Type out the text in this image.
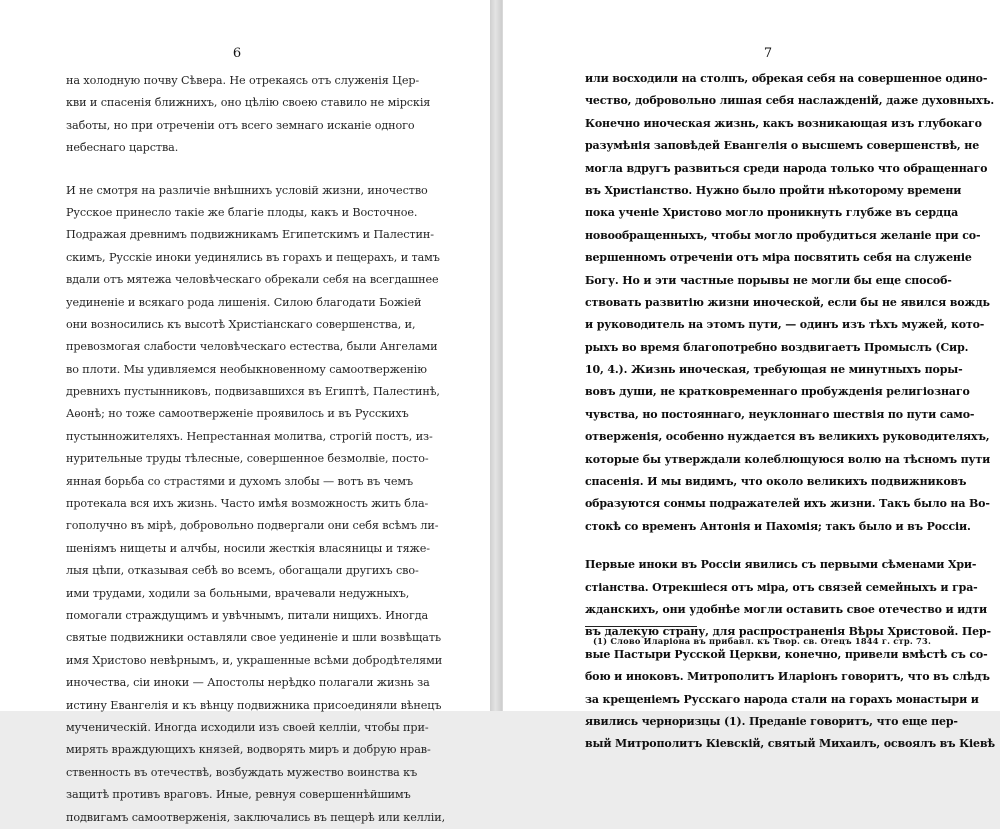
6
на холодную почву Сѣвера. Не отрекаясь отъ служенія Цер-
кви и спасенія ближнихъ, оно цѣлію своею ставило не мірскія
заботы, но при отреченіи отъ всего земнаго исканіе одного
небеснаго царства.
И не смотря на различіе внѣшнихъ условій жизни, иночество
Русское принесло такіе же благіе плоды, какъ и Восточное.
Подражая древнимъ подвижникамъ Египетскимъ и Палестин-
скимъ, Русскіе иноки уединялись въ горахъ и пещерахъ, и тамъ
вдали отъ мятежа человѣческаго обрекали себя на всегдашнее
уединеніе и всякаго рода лишенія. Силою благодати Божіей
они возносились къ высотѣ Христіанскаго совершенства, и,
превозмогая слабости человѣческаго естества, были Ангелами
во плоти. Мы удивляемся необыкновенному самоотверженію
древнихъ пустынниковъ, подвизавшихся въ Египтѣ, Палестинѣ,
Аѳонѣ; но тоже самоотверженіе проявилось и въ Русскихъ
пустынножителяхъ. Непрестанная молитва, строгій постъ, из-
нурительные труды тѣлесные, совершенное безмолвіе, посто-
янная борьба со страстями и духомъ злобы — вотъ въ чемъ
протекала вся ихъ жизнь. Часто имѣя возможность жить бла-
гополучно въ мірѣ, добровольно подвергали они себя всѣмъ ли-
шеніямъ нищеты и алчбы, носили жесткія власяницы и тяже-
лыя цѣпи, отказывая себѣ во всемъ, обогащали другихъ сво-
ими трудами, ходили за больными, врачевали недужныхъ,
помогали страждущимъ и увѣчнымъ, питали нищихъ. Иногда
святые подвижники оставляли свое уединеніе и шли возвѣщать
имя Христово невѣрнымъ, и, украшенные всѣми добродѣтелями
иночества, сіи иноки — Апостолы нерѣдко полагали жизнь за
истину Евангелія и къ вѣнцу подвижника присоединяли вѣнецъ
мученическій. Иногда исходили изъ своей келліи, чтобы при-
мирять враждующихъ князей, водворять миръ и добрую нрав-
ственность въ отечествѣ, возбуждать мужество воинства къ
защитѣ противъ враговъ. Иные, ревнуя совершеннѣйшимъ
подвигамъ самоотверженія, заключались въ пещерѣ или келліи,
7
или восходили на столпъ, обрекая себя на совершенное одино-
чество, добровольно лишая себя наслажденій, даже духовныхъ.
Конечно иноческая жизнь, какъ возникающая изъ глубокаго
разумѣнія заповѣдей Евангелія о высшемъ совершенствѣ, не
могла вдругъ развиться среди народа только что обращеннаго
въ Христіанство. Нужно было пройти нѣкоторому времени
пока ученіе Христово могло проникнуть глубже въ сердца
новообращенныхъ, чтобы могло пробудиться желаніе при со-
вершенномъ отреченіи отъ міра посвятить себя на служеніе
Богу. Но и эти частные порывы не могли бы еще способ-
ствовать развитію жизни иноческой, если бы не явился вождь
и руководитель на этомъ пути, — одинъ изъ тѣхъ мужей, кото-
рыхъ во время благопотребно воздвигаетъ Промыслъ (Сир.
10, 4.). Жизнь иноческая, требующая не минутныхъ поры-
вовъ души, не кратковременнаго пробужденія религіознаго
чувства, но постояннаго, неуклоннаго шествія по пути само-
отверженія, особенно нуждается въ великихъ руководителяхъ,
которые бы утверждали колеблющуюся волю на тѣсномъ пути
спасенія. И мы видимъ, что около великихъ подвижниковъ
образуются сонмы подражателей ихъ жизни. Такъ было на Во-
стокѣ со временъ Антонія и Пахомія; такъ было и въ Россіи.
Первые иноки въ Россіи явились съ первыми сѣменами Хри-
стіанства. Отрекшіеся отъ міра, отъ связей семейныхъ и гра-
жданскихъ, они удобнѣе могли оставить свое отечество и идти
въ далекую страну, для распространенія Вѣры Христовой. Пер-
вые Пастыри Русской Церкви, конечно, привели вмѣстѣ съ со-
бою и иноковъ. Митрополитъ Иларіонъ говоритъ, что въ слѣдъ
за крещеніемъ Русскаго народа стали на горахъ монастыри и
явились черноризцы (1). Преданіе говоритъ, что еще пер-
вый Митрополитъ Кіевскій, святый Михаилъ, освоялъ въ Кіевѣ
(1) Слово Иларіона въ прибавл. къ Твор. св. Отецъ 1844 г. стр. 73.
